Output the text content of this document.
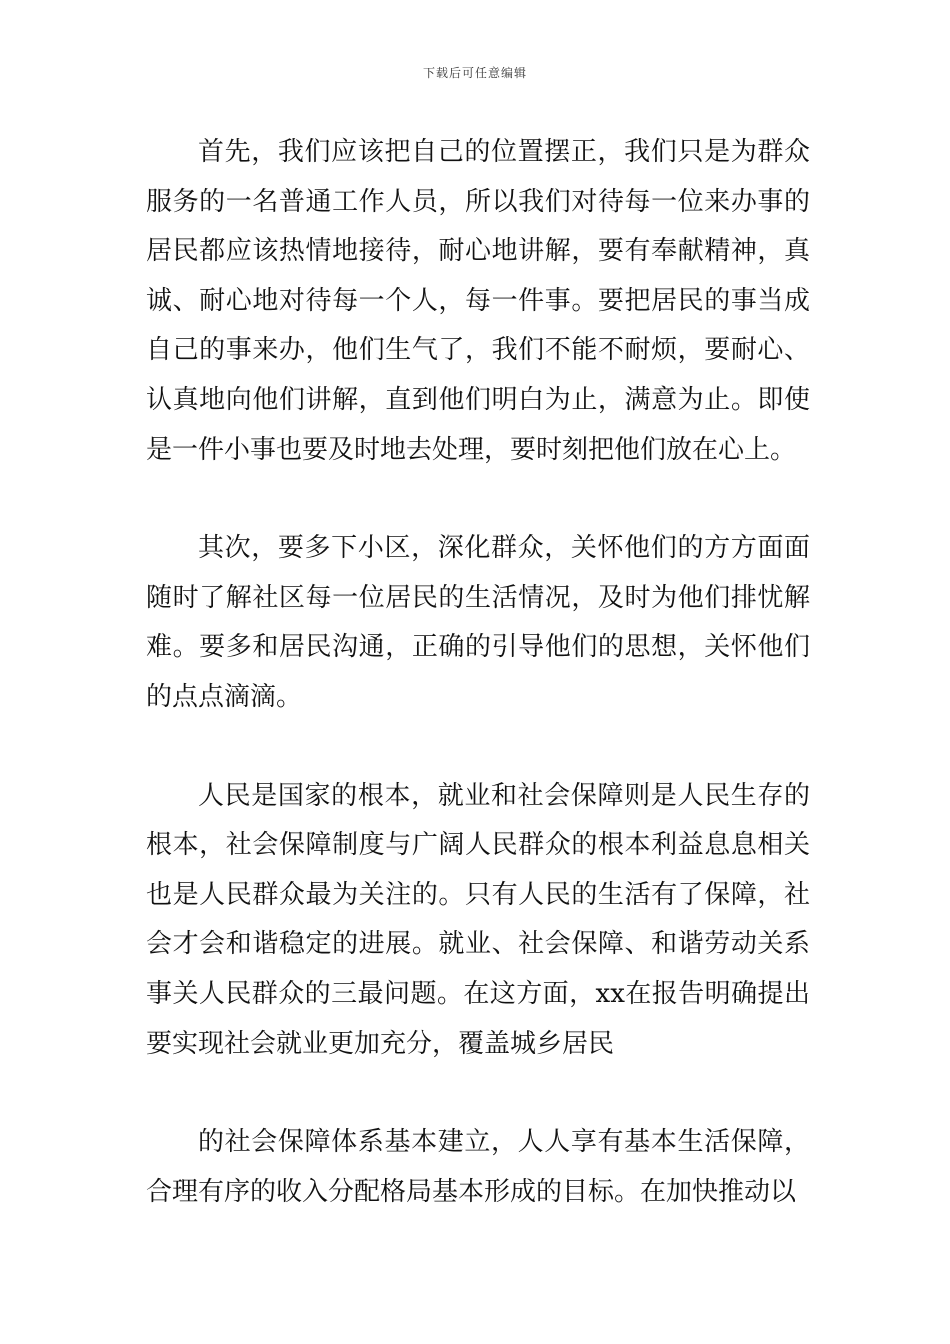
下载后可任意编辑

首先，我们应该把自己的位置摆正，我们只是为群众服务的一名普通工作人员，所以我们对待每一位来办事的居民都应该热情地接待，耐心地讲解，要有奉献精神，真诚、耐心地对待每一个人，每一件事。要把居民的事当成自己的事来办，他们生气了，我们不能不耐烦，要耐心、认真地向他们讲解，直到他们明白为止，满意为止。即使是一件小事也要及时地去处理，要时刻把他们放在心上。

其次，要多下小区，深化群众，关怀他们的方方面面随时了解社区每一位居民的生活情况，及时为他们排忧解难。要多和居民沟通，正确的引导他们的思想，关怀他们的点点滴滴。

人民是国家的根本，就业和社会保障则是人民生存的根本，社会保障制度与广阔人民群众的根本利益息息相关也是人民群众最为关注的。只有人民的生活有了保障，社会才会和谐稳定的进展。就业、社会保障、和谐劳动关系事关人民群众的三最问题。在这方面，xx在报告明确提出要实现社会就业更加充分，覆盖城乡居民

的社会保障体系基本建立，人人享有基本生活保障，合理有序的收入分配格局基本形成的目标。在加快推动以
